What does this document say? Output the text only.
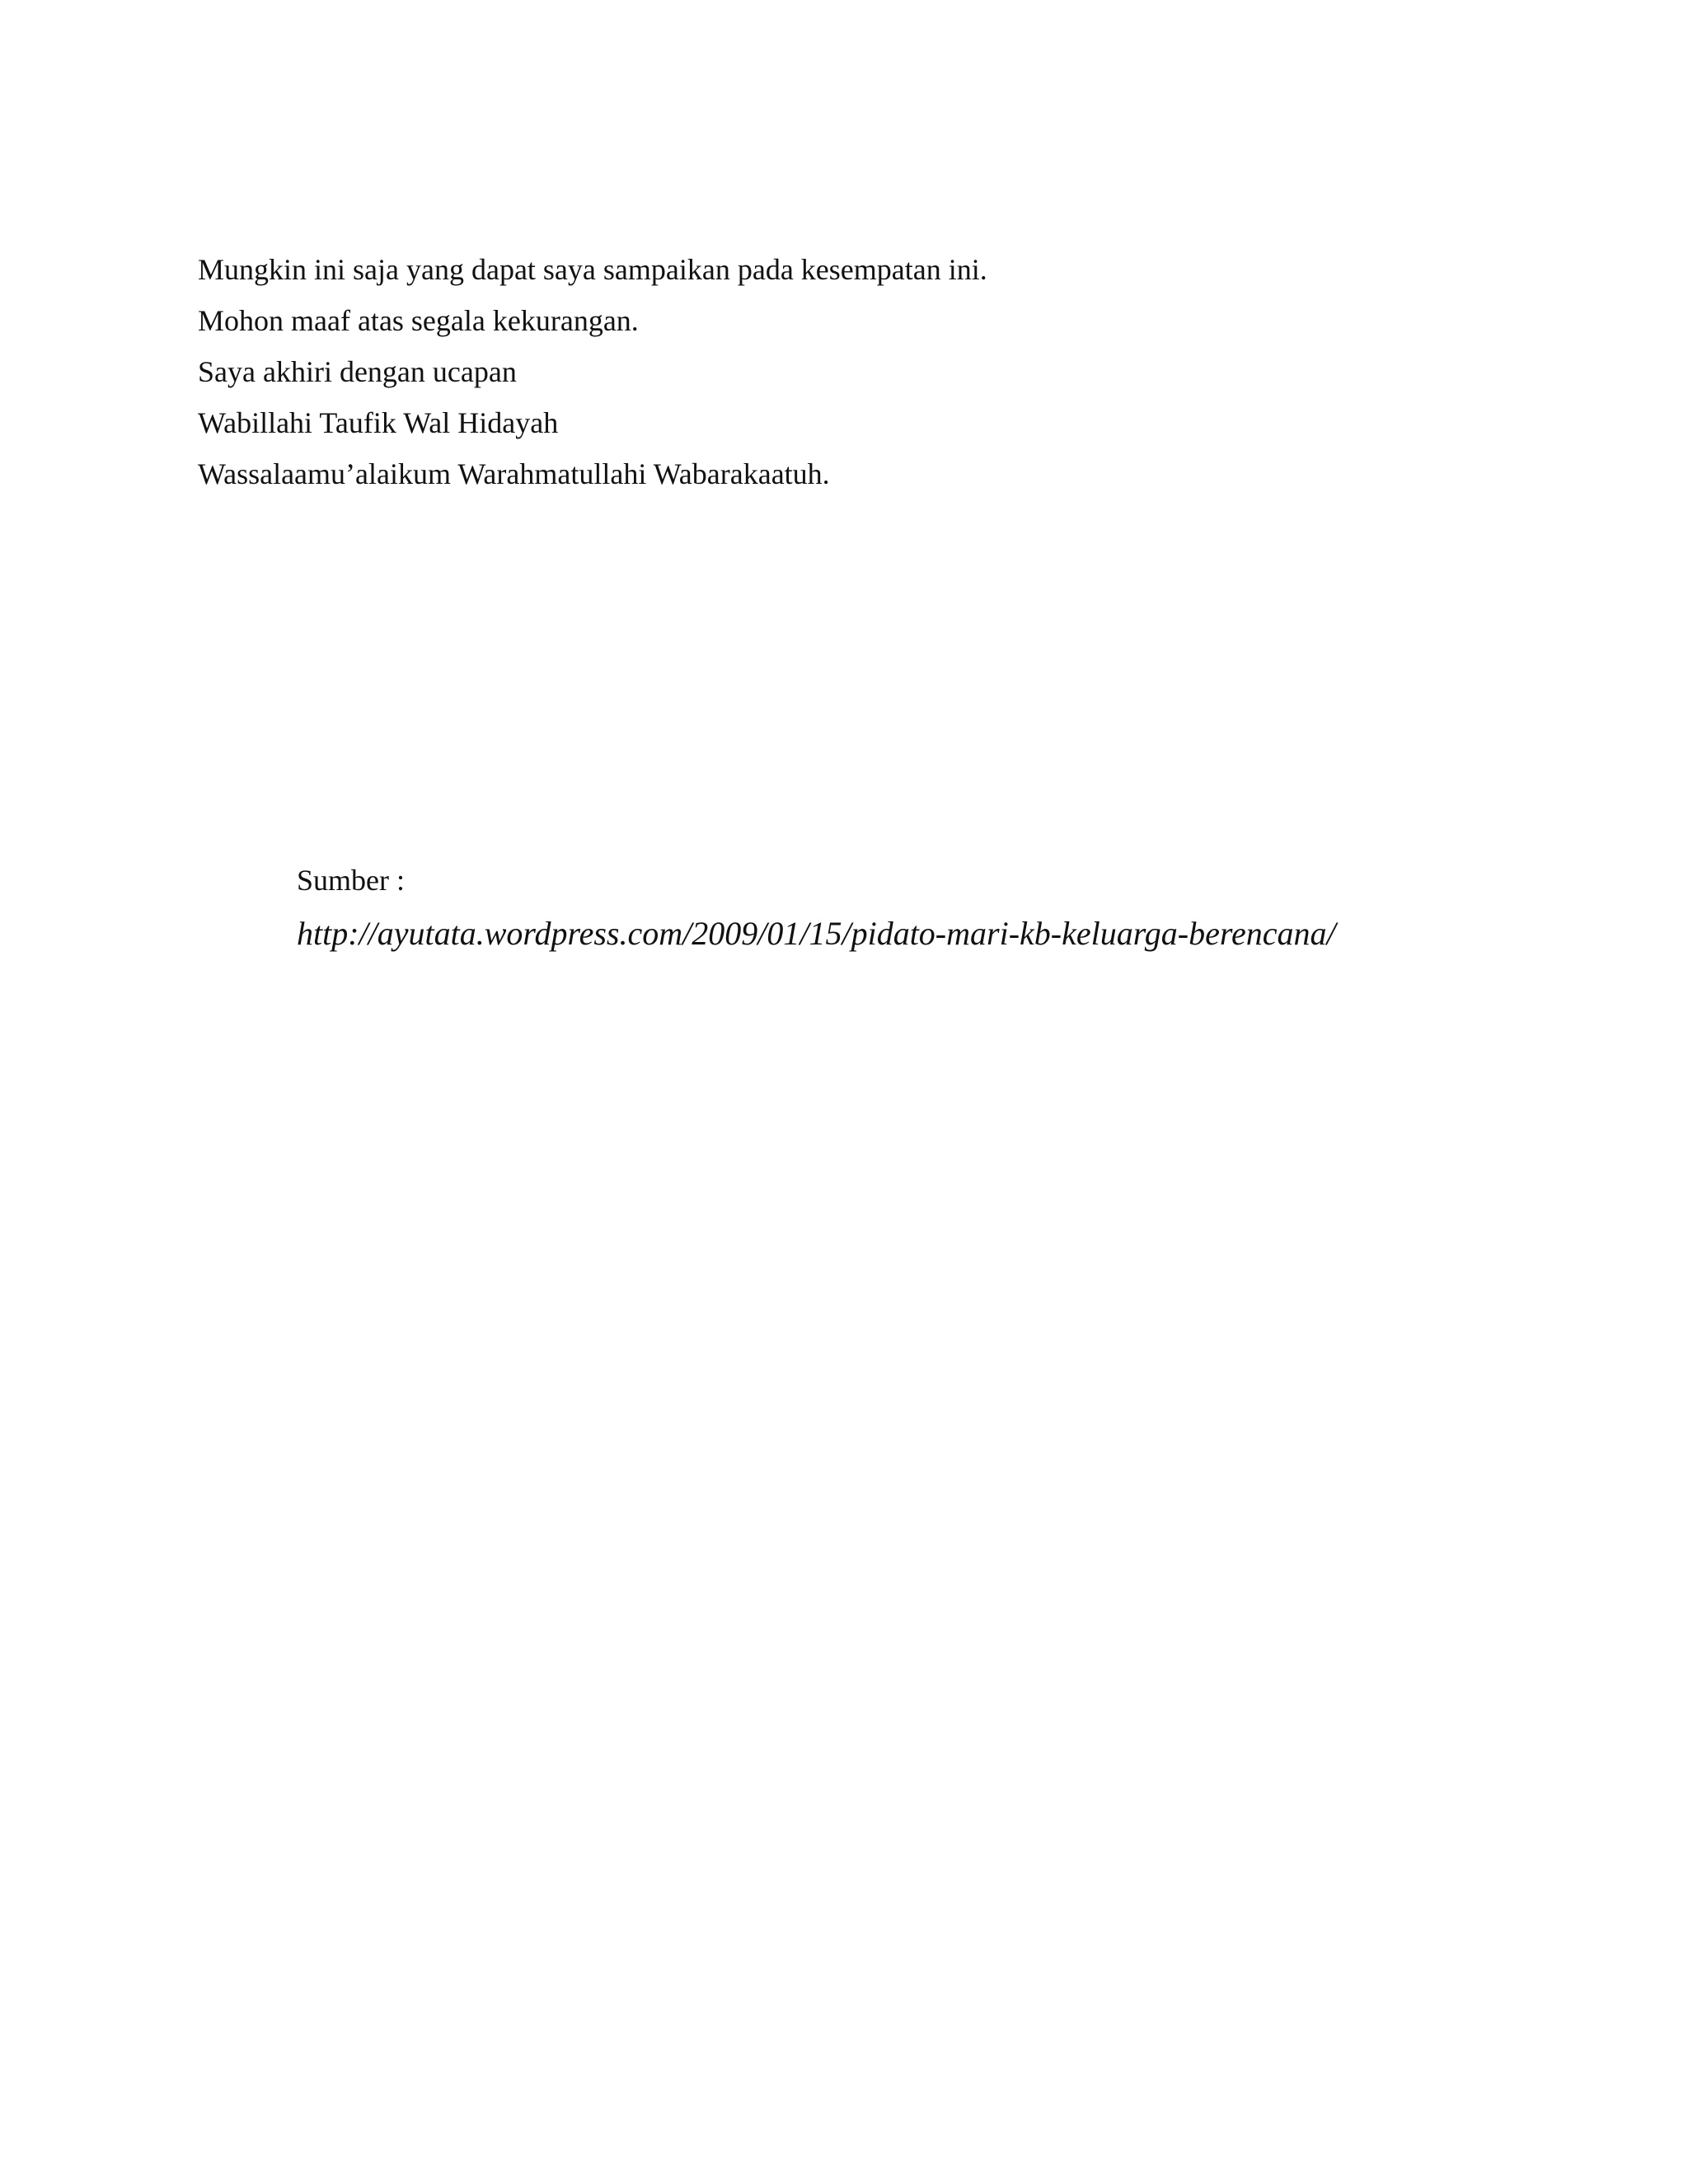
Mungkin ini saja yang dapat saya sampaikan pada kesempatan ini.
Mohon maaf atas segala kekurangan.
Saya akhiri dengan ucapan
Wabillahi Taufik Wal Hidayah
Wassalaamu’alaikum Warahmatullahi Wabarakaatuh.
Sumber :
http://ayutata.wordpress.com/2009/01/15/pidato-mari-kb-keluarga-berencana/
